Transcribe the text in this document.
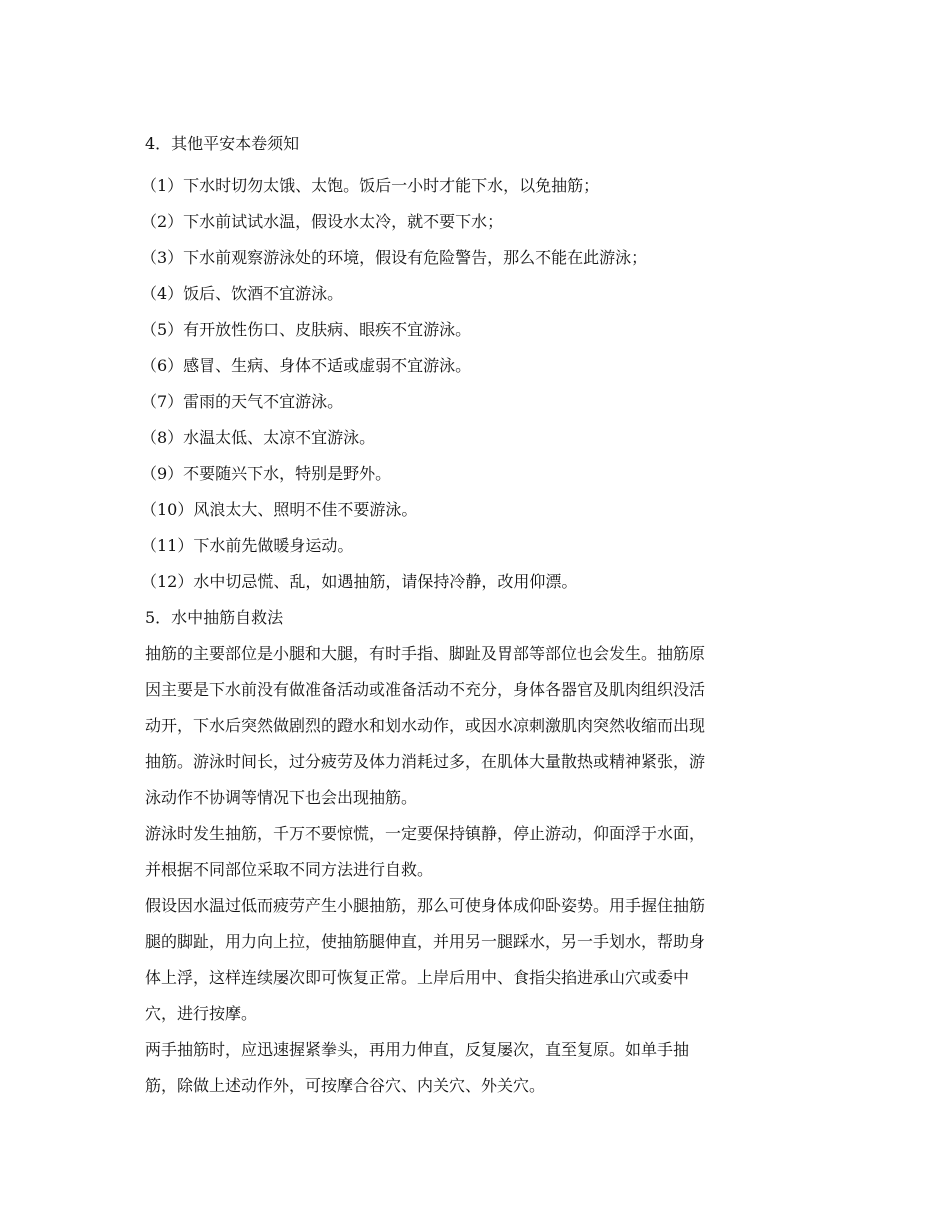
4．其他平安本卷须知

（1）下水时切勿太饿、太饱。饭后一小时才能下水，以免抽筋；

（2）下水前试试水温，假设水太冷，就不要下水；

（3）下水前观察游泳处的环境，假设有危险警告，那么不能在此游泳；

（4）饭后、饮酒不宜游泳。

（5）有开放性伤口、皮肤病、眼疾不宜游泳。

（6）感冒、生病、身体不适或虚弱不宜游泳。

（7）雷雨的天气不宜游泳。

（8）水温太低、太凉不宜游泳。

（9）不要随兴下水，特别是野外。

（10）风浪太大、照明不佳不要游泳。

（11）下水前先做暖身运动。

（12）水中切忌慌、乱，如遇抽筋，请保持冷静，改用仰漂。

5．水中抽筋自救法

抽筋的主要部位是小腿和大腿，有时手指、脚趾及胃部等部位也会发生。抽筋原
因主要是下水前没有做准备活动或准备活动不充分，身体各器官及肌肉组织没活
动开，下水后突然做剧烈的蹬水和划水动作，或因水凉刺激肌肉突然收缩而出现
抽筋。游泳时间长，过分疲劳及体力消耗过多，在肌体大量散热或精神紧张，游
泳动作不协调等情况下也会出现抽筋。
游泳时发生抽筋，千万不要惊慌，一定要保持镇静，停止游动，仰面浮于水面，
并根据不同部位采取不同方法进行自救。
假设因水温过低而疲劳产生小腿抽筋，那么可使身体成仰卧姿势。用手握住抽筋
腿的脚趾，用力向上拉，使抽筋腿伸直，并用另一腿踩水，另一手划水，帮助身
体上浮，这样连续屡次即可恢复正常。上岸后用中、食指尖掐进承山穴或委中
穴，进行按摩。
两手抽筋时，应迅速握紧拳头，再用力伸直，反复屡次，直至复原。如单手抽
筋，除做上述动作外，可按摩合谷穴、内关穴、外关穴。
